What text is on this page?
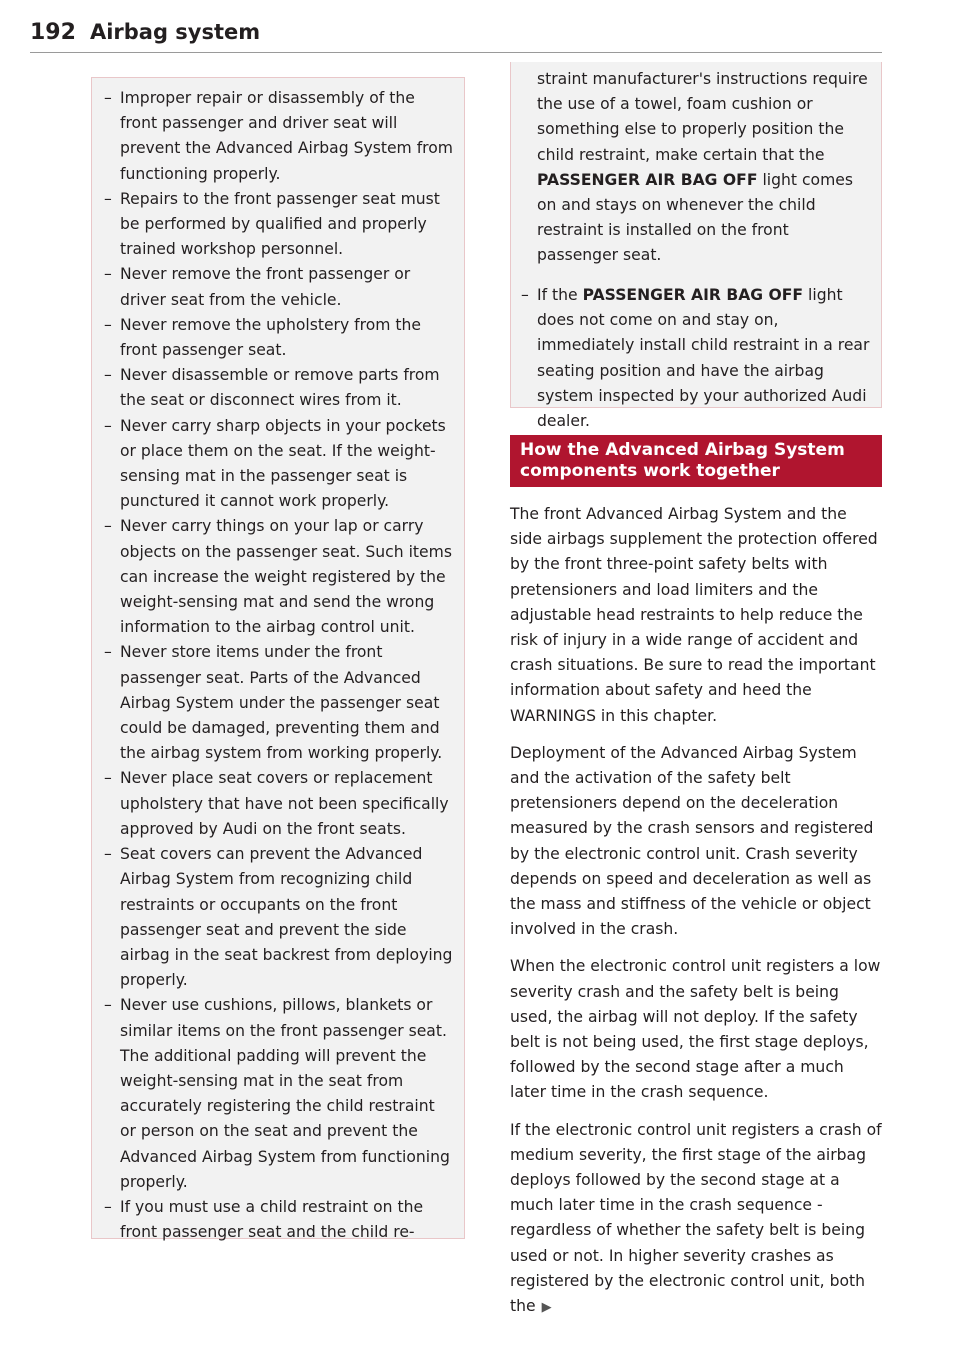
192 Airbag system
– Improper repair or disassembly of the front passenger and driver seat will prevent the Advanced Airbag System from functioning properly.
– Repairs to the front passenger seat must be performed by qualified and properly trained workshop personnel.
– Never remove the front passenger or driver seat from the vehicle.
– Never remove the upholstery from the front passenger seat.
– Never disassemble or remove parts from the seat or disconnect wires from it.
– Never carry sharp objects in your pockets or place them on the seat. If the weight-sensing mat in the passenger seat is punctured it cannot work properly.
– Never carry things on your lap or carry objects on the passenger seat. Such items can increase the weight registered by the weight-sensing mat and send the wrong information to the airbag control unit.
– Never store items under the front passenger seat. Parts of the Advanced Airbag System under the passenger seat could be damaged, preventing them and the airbag system from working properly.
– Never place seat covers or replacement upholstery that have not been specifically approved by Audi on the front seats.
– Seat covers can prevent the Advanced Airbag System from recognizing child restraints or occupants on the front passenger seat and prevent the side airbag in the seat backrest from deploying properly.
– Never use cushions, pillows, blankets or similar items on the front passenger seat. The additional padding will prevent the weight-sensing mat in the seat from accurately registering the child restraint or person on the seat and prevent the Advanced Airbag System from functioning properly.
– If you must use a child restraint on the front passenger seat and the child re-

straint manufacturer's instructions require the use of a towel, foam cushion or something else to properly position the child restraint, make certain that the PASSENGER AIR BAG OFF light comes on and stays on whenever the child restraint is installed on the front passenger seat.

– If the PASSENGER AIR BAG OFF light does not come on and stay on, immediately install child restraint in a rear seating position and have the airbag system inspected by your authorized Audi dealer.
How the Advanced Airbag System components work together

The front Advanced Airbag System and the side airbags supplement the protection offered by the front three-point safety belts with pretensioners and load limiters and the adjustable head restraints to help reduce the risk of injury in a wide range of accident and crash situations. Be sure to read the important information about safety and heed the WARNINGS in this chapter.

Deployment of the Advanced Airbag System and the activation of the safety belt pretensioners depend on the deceleration measured by the crash sensors and registered by the electronic control unit. Crash severity depends on speed and deceleration as well as the mass and stiffness of the vehicle or object involved in the crash.

When the electronic control unit registers a low severity crash and the safety belt is being used, the airbag will not deploy. If the safety belt is not being used, the first stage deploys, followed by the second stage after a much later time in the crash sequence.

If the electronic control unit registers a crash of medium severity, the first stage of the airbag deploys followed by the second stage at a much later time in the crash sequence - regardless of whether the safety belt is being used or not. In higher severity crashes as registered by the electronic control unit, both the ▶
